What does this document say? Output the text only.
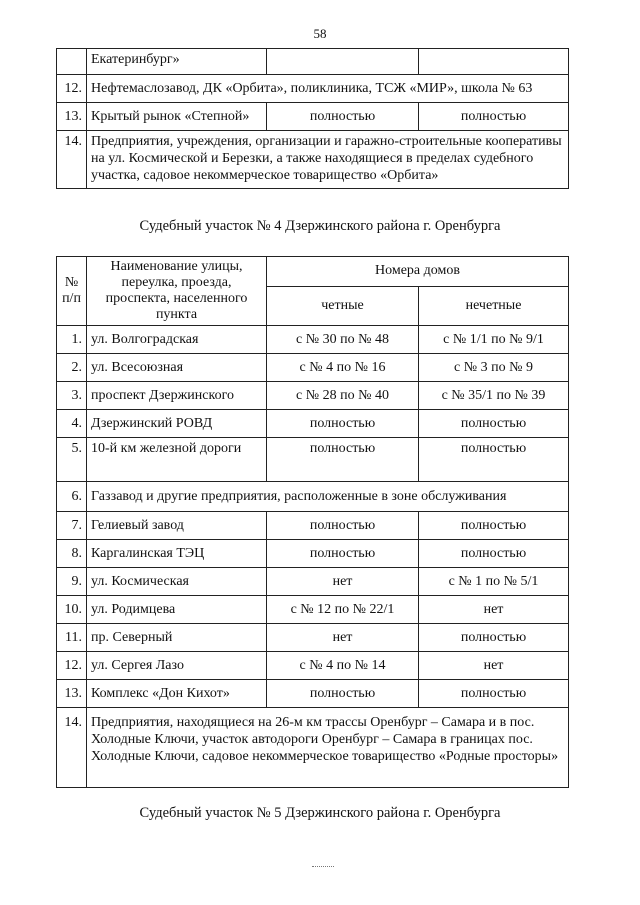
58
	Екатеринбург»		
12.	Нефтемаслозавод, ДК «Орбита», поликлиника, ТСЖ «МИР», школа № 63		
13.	Крытый рынок «Степной»	полностью	полностью
14.	Предприятия, учреждения, организации и гаражно-строительные кооперативы на ул. Космической и Березки, а также находящиеся в пределах судебного участка, садовое некоммерческое товарищество «Орбита»		
Судебный участок № 4 Дзержинского района г. Оренбурга
№ п/п	Наименование улицы, переулка, проезда, проспекта, населенного пункта	Номера домов	
		четные	нечетные
1.	ул. Волгоградская	с № 30 по № 48	с № 1/1 по № 9/1
2.	ул. Всесоюзная	с № 4 по № 16	с № 3 по № 9
3.	проспект Дзержинского	с № 28 по № 40	с № 35/1 по № 39
4.	Дзержинский РОВД	полностью	полностью
5.	10-й км железной дороги	полностью	полностью
6.	Газзавод и другие предприятия, расположенные в зоне обслуживания		
7.	Гелиевый завод	полностью	полностью
8.	Каргалинская ТЭЦ	полностью	полностью
9.	ул. Космическая	нет	с № 1 по № 5/1
10.	ул. Родимцева	с № 12 по № 22/1	нет
11.	пр. Северный	нет	полностью
12.	ул. Сергея Лазо	с № 4 по № 14	нет
13.	Комплекс «Дон Кихот»	полностью	полностью
14.	Предприятия, находящиеся на 26-м км трассы Оренбург – Самара и в пос. Холодные Ключи, участок автодороги Оренбург – Самара в границах пос. Холодные Ключи, садовое некоммерческое товарищество «Родные просторы»		
Судебный участок № 5 Дзержинского района г. Оренбурга
